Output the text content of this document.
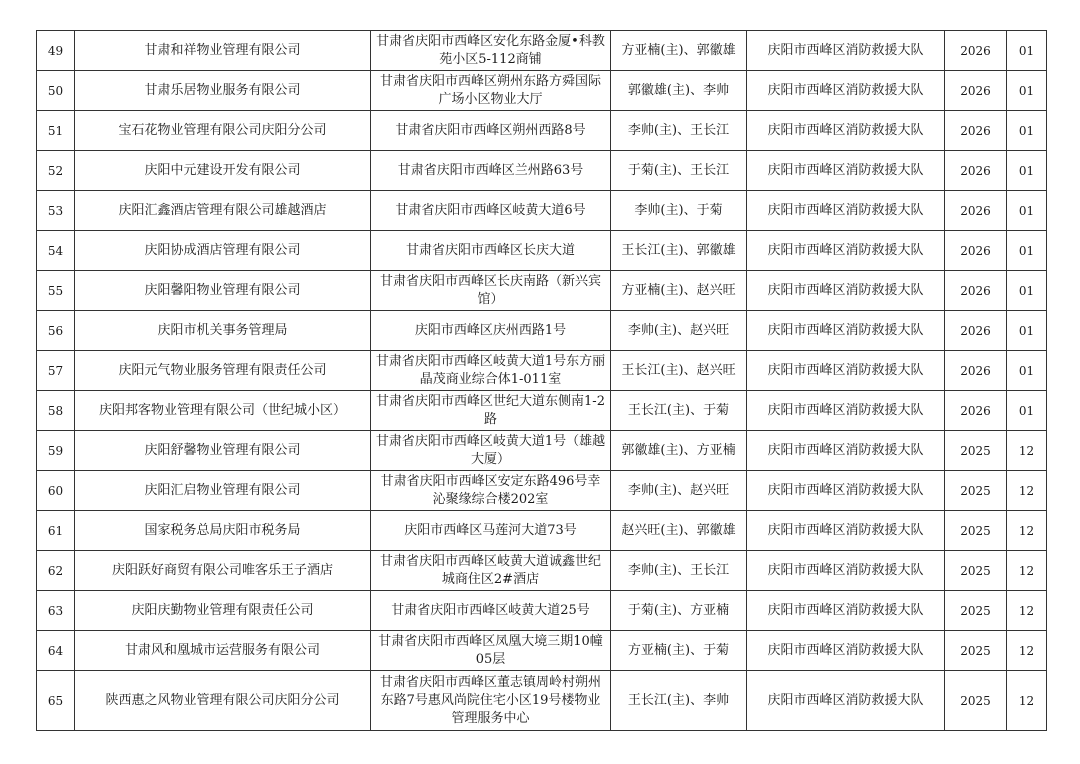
49	甘肃和祥物业管理有限公司	甘肃省庆阳市西峰区安化东路金厦•科教苑小区5-112商铺	方亚楠(主)、郭徽雄	庆阳市西峰区消防救援大队	2026	01
50	甘肃乐居物业服务有限公司	甘肃省庆阳市西峰区朔州东路方舜国际广场小区物业大厅	郭徽雄(主)、李帅	庆阳市西峰区消防救援大队	2026	01
51	宝石花物业管理有限公司庆阳分公司	甘肃省庆阳市西峰区朔州西路8号	李帅(主)、王长江	庆阳市西峰区消防救援大队	2026	01
52	庆阳中元建设开发有限公司	甘肃省庆阳市西峰区兰州路63号	于菊(主)、王长江	庆阳市西峰区消防救援大队	2026	01
53	庆阳汇鑫酒店管理有限公司雄越酒店	甘肃省庆阳市西峰区岐黄大道6号	李帅(主)、于菊	庆阳市西峰区消防救援大队	2026	01
54	庆阳协成酒店管理有限公司	甘肃省庆阳市西峰区长庆大道	王长江(主)、郭徽雄	庆阳市西峰区消防救援大队	2026	01
55	庆阳馨阳物业管理有限公司	甘肃省庆阳市西峰区长庆南路（新兴宾馆）	方亚楠(主)、赵兴旺	庆阳市西峰区消防救援大队	2026	01
56	庆阳市机关事务管理局	庆阳市西峰区庆州西路1号	李帅(主)、赵兴旺	庆阳市西峰区消防救援大队	2026	01
57	庆阳元气物业服务管理有限责任公司	甘肃省庆阳市西峰区岐黄大道1号东方丽晶茂商业综合体1-011室	王长江(主)、赵兴旺	庆阳市西峰区消防救援大队	2026	01
58	庆阳邦客物业管理有限公司（世纪城小区）	甘肃省庆阳市西峰区世纪大道东侧南1-2路	王长江(主)、于菊	庆阳市西峰区消防救援大队	2026	01
59	庆阳舒馨物业管理有限公司	甘肃省庆阳市西峰区岐黄大道1号（雄越大厦）	郭徽雄(主)、方亚楠	庆阳市西峰区消防救援大队	2025	12
60	庆阳汇启物业管理有限公司	甘肃省庆阳市西峰区安定东路496号幸沁聚缘综合楼202室	李帅(主)、赵兴旺	庆阳市西峰区消防救援大队	2025	12
61	国家税务总局庆阳市税务局	庆阳市西峰区马莲河大道73号	赵兴旺(主)、郭徽雄	庆阳市西峰区消防救援大队	2025	12
62	庆阳跃好商贸有限公司唯客乐王子酒店	甘肃省庆阳市西峰区岐黄大道诚鑫世纪城商住区2#酒店	李帅(主)、王长江	庆阳市西峰区消防救援大队	2025	12
63	庆阳庆勤物业管理有限责任公司	甘肃省庆阳市西峰区岐黄大道25号	于菊(主)、方亚楠	庆阳市西峰区消防救援大队	2025	12
64	甘肃风和凰城市运营服务有限公司	甘肃省庆阳市西峰区凤凰大境三期10幢05层	方亚楠(主)、于菊	庆阳市西峰区消防救援大队	2025	12
65	陕西惠之风物业管理有限公司庆阳分公司	甘肃省庆阳市西峰区董志镇周岭村朔州东路7号惠风尚院住宅小区19号楼物业管理服务中心	王长江(主)、李帅	庆阳市西峰区消防救援大队	2025	12
